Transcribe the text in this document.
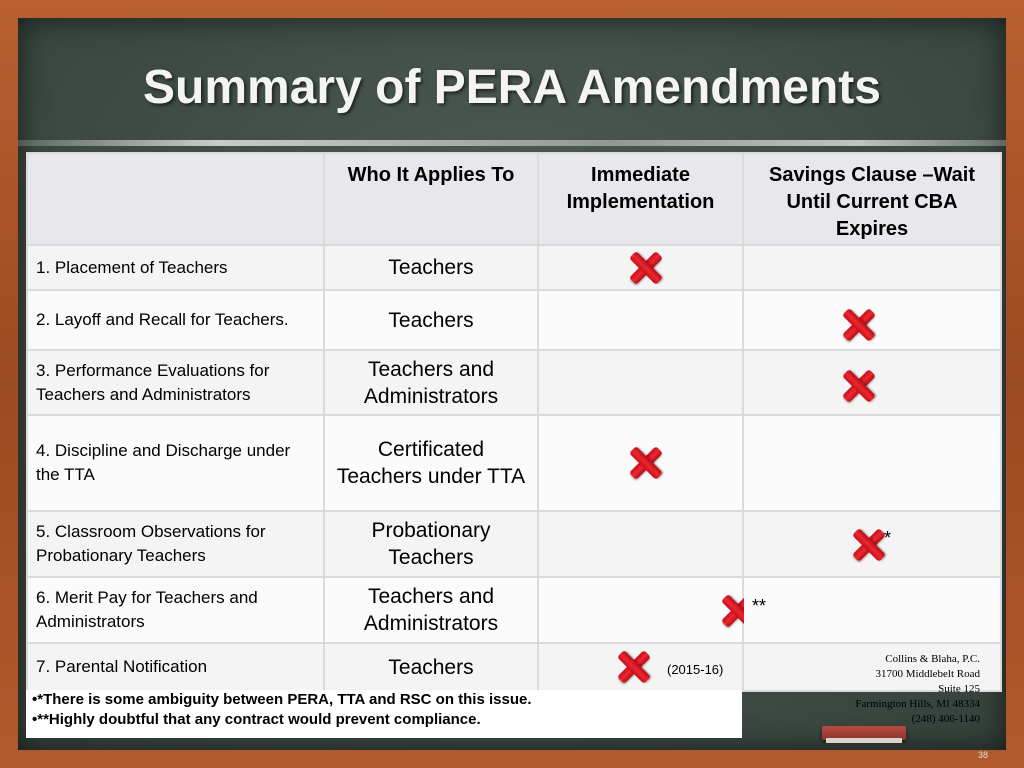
Summary of PERA Amendments
	Who It Applies To	Immediate Implementation	Savings Clause –Wait Until Current CBA Expires
1. Placement of Teachers	Teachers	

2. Layoff and Recall for Teachers.	Teachers		

3. Performance Evaluations for Teachers and Administrators	Teachers and Administrators		

4. Discipline and Discharge under the TTA	Certificated Teachers under TTA	

5. Classroom Observations for Probationary Teachers	Probationary Teachers		*

6. Merit Pay for Teachers and Administrators	Teachers and Administrators		**

7. Parental Notification	Teachers	(2015-16)	

•*There is some ambiguity between PERA, TTA and RSC on this issue.
•**Highly doubtful that any contract would prevent compliance.
Collins & Blaha, P.C.
31700 Middlebelt Road
Suite 125
Farmington Hills, MI 48334
(248) 406-1140
38
